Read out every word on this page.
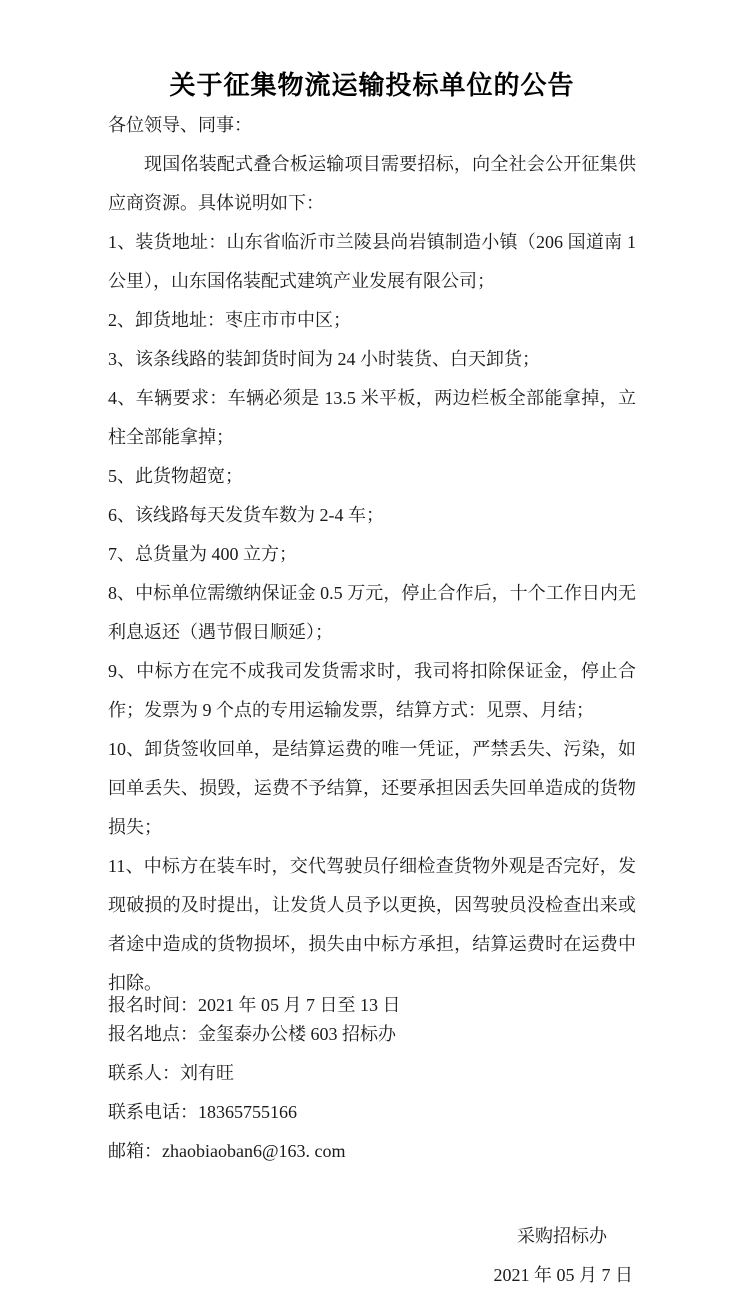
关于征集物流运输投标单位的公告
各位领导、同事：
现国佲装配式叠合板运输项目需要招标，向全社会公开征集供应商资源。具体说明如下：
1、装货地址：山东省临沂市兰陵县尚岩镇制造小镇（206 国道南 1 公里），山东国佲装配式建筑产业发展有限公司；
2、卸货地址：枣庄市市中区；
3、该条线路的装卸货时间为 24 小时装货、白天卸货；
4、车辆要求：车辆必须是 13.5 米平板，两边栏板全部能拿掉，立柱全部能拿掉；
5、此货物超宽；
6、该线路每天发货车数为 2-4 车；
7、总货量为 400 立方；
8、中标单位需缴纳保证金 0.5 万元，停止合作后，十个工作日内无利息返还（遇节假日顺延）；
9、中标方在完不成我司发货需求时，我司将扣除保证金，停止合作；发票为 9 个点的专用运输发票，结算方式：见票、月结；
10、卸货签收回单，是结算运费的唯一凭证，严禁丢失、污染，如回单丢失、损毁，运费不予结算，还要承担因丢失回单造成的货物损失；
11、中标方在装车时，交代驾驶员仔细检查货物外观是否完好，发现破损的及时提出，让发货人员予以更换，因驾驶员没检查出来或者途中造成的货物损坏，损失由中标方承担，结算运费时在运费中扣除。
报名时间：2021 年 05 月 7 日至 13 日
报名地点：金玺泰办公楼 603 招标办
联系人：刘有旺
联系电话：18365755166
邮箱：zhaobiaoban6@163. com
采购招标办
2021 年 05 月 7 日
